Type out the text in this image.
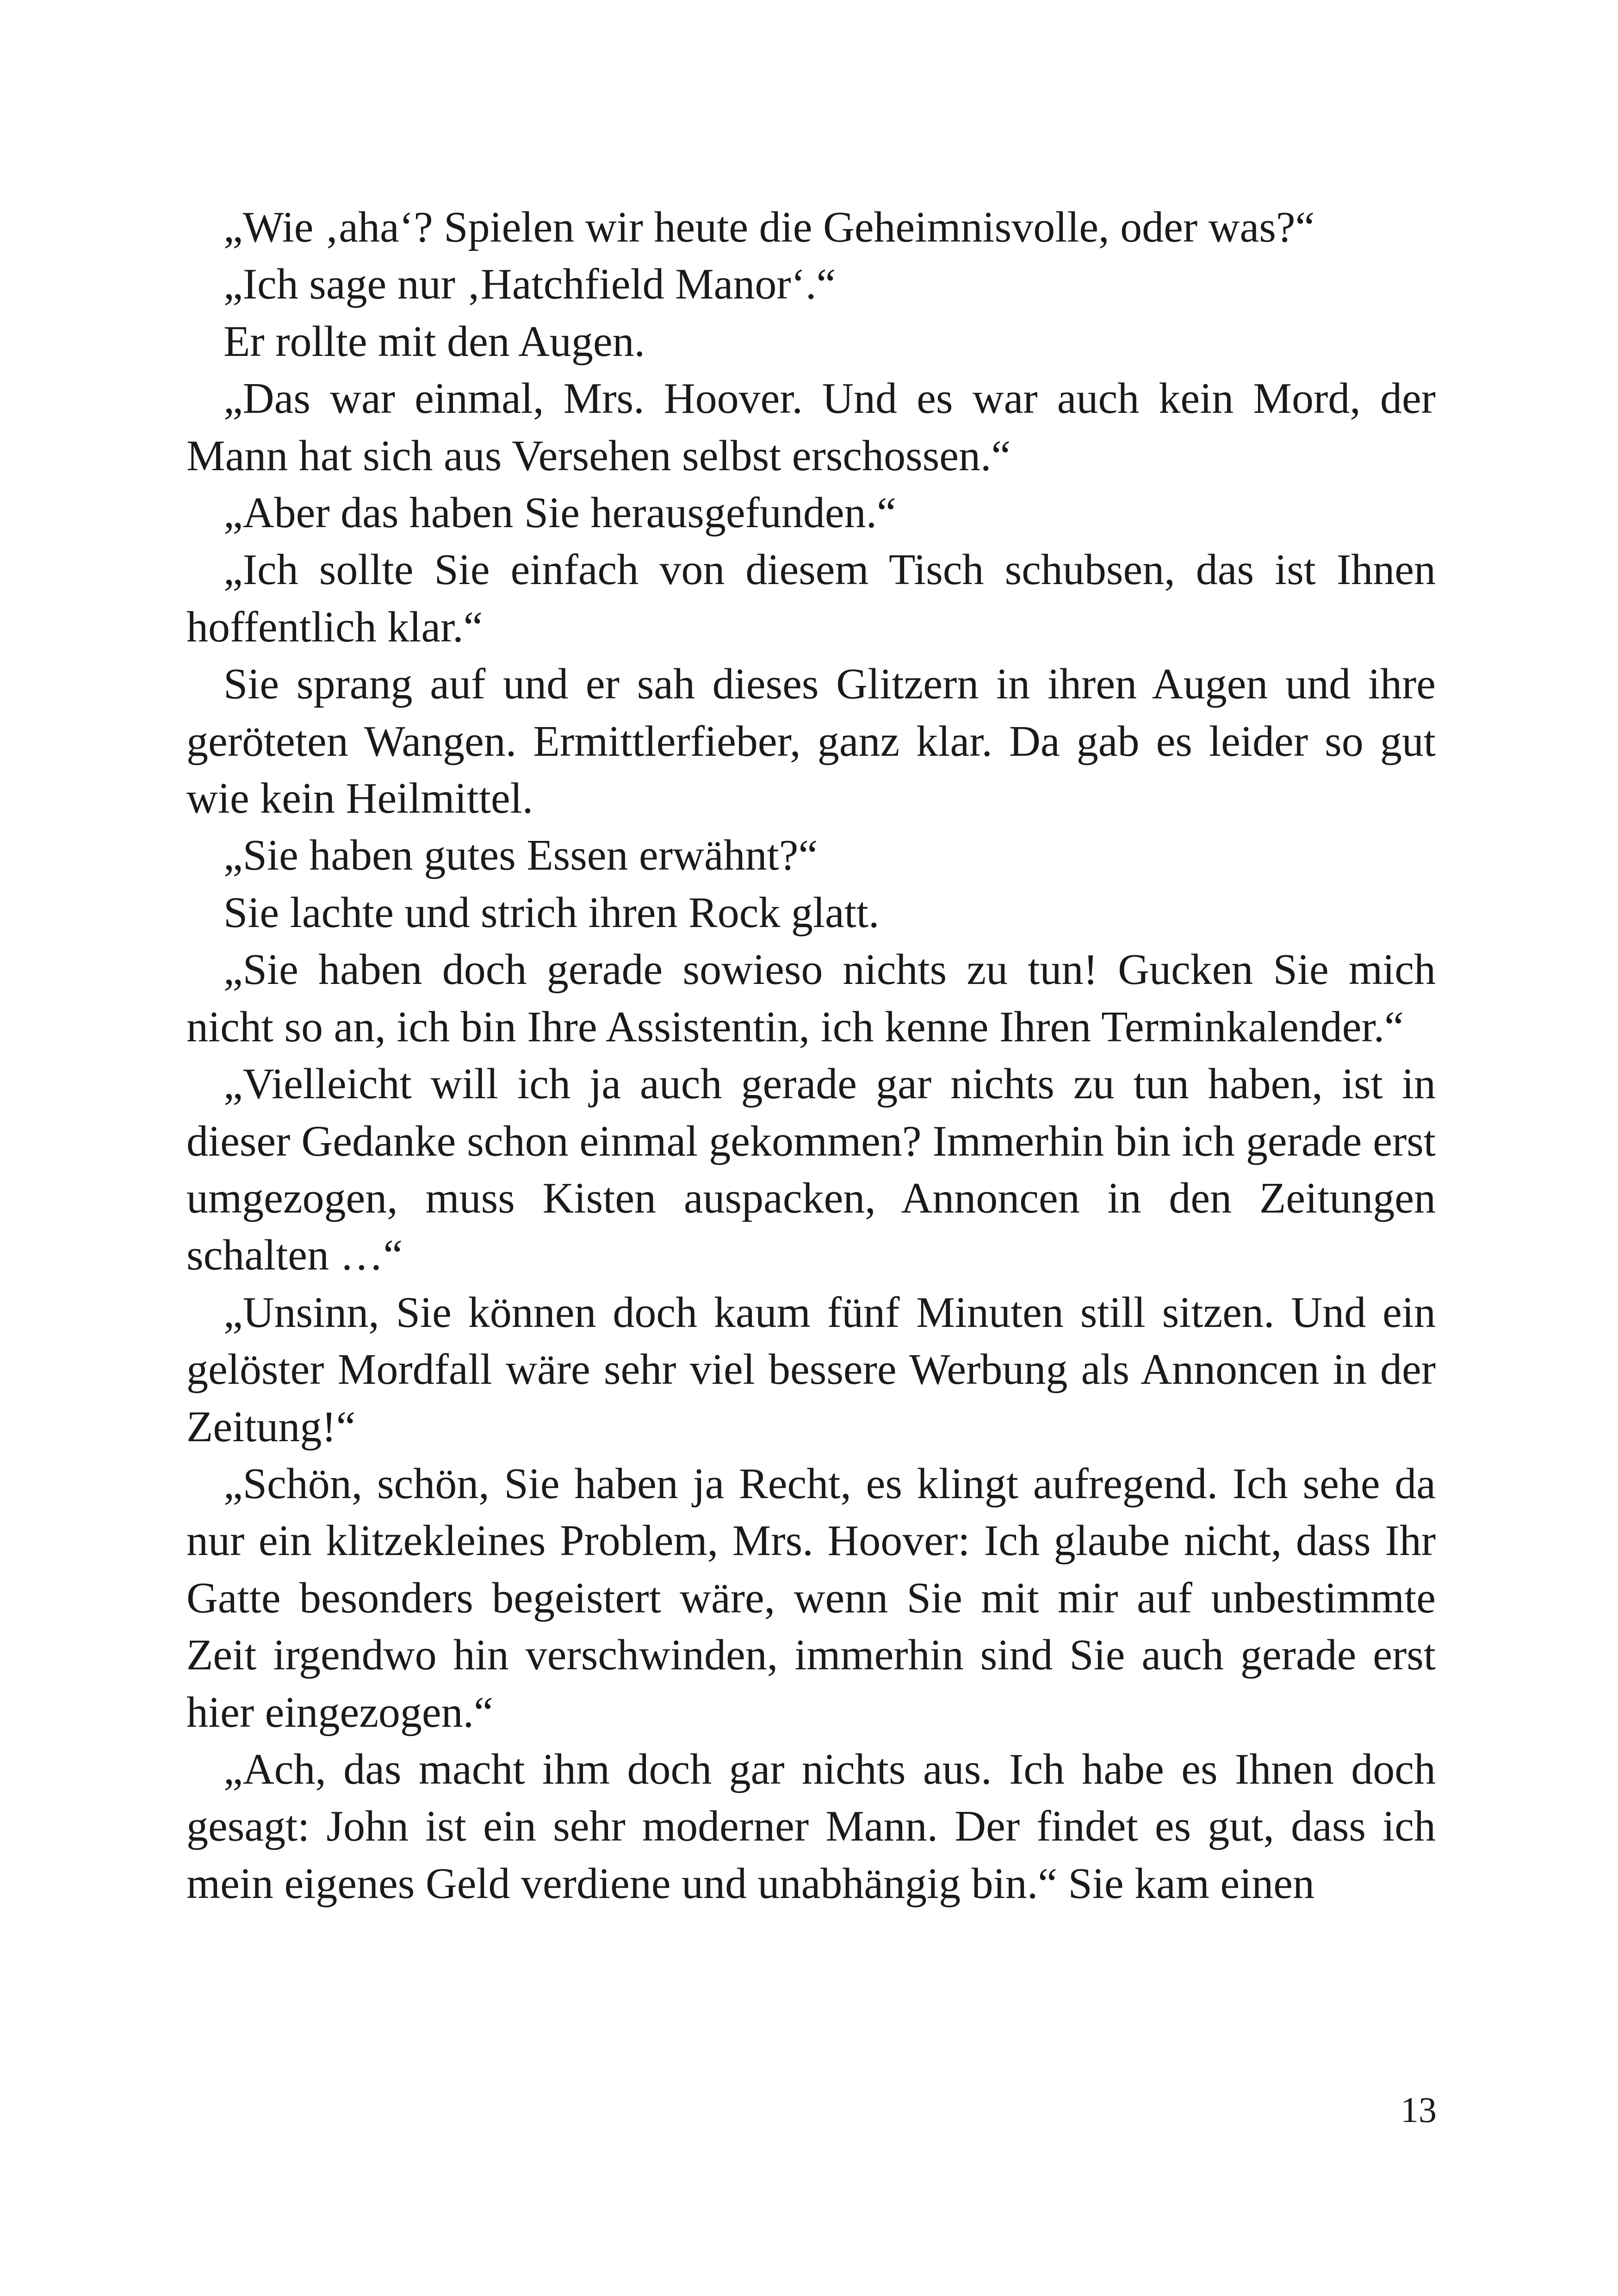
„Wie ‚aha‘? Spielen wir heute die Geheimnisvolle, oder was?“

„Ich sage nur ‚Hatchfield Manor‘.“

Er rollte mit den Augen.

„Das war einmal, Mrs. Hoover. Und es war auch kein Mord, der Mann hat sich aus Versehen selbst erschossen.“

„Aber das haben Sie herausgefunden.“

„Ich sollte Sie einfach von diesem Tisch schubsen, das ist Ihnen hoffentlich klar.“

Sie sprang auf und er sah dieses Glitzern in ihren Augen und ihre geröteten Wangen. Ermittlerfieber, ganz klar. Da gab es leider so gut wie kein Heilmittel.

„Sie haben gutes Essen erwähnt?“

Sie lachte und strich ihren Rock glatt.

„Sie haben doch gerade sowieso nichts zu tun! Gucken Sie mich nicht so an, ich bin Ihre Assistentin, ich kenne Ihren Terminkalender.“

„Vielleicht will ich ja auch gerade gar nichts zu tun haben, ist in dieser Gedanke schon einmal gekommen? Immerhin bin ich gerade erst umgezogen, muss Kisten auspacken, Annoncen in den Zeitungen schalten …“

„Unsinn, Sie können doch kaum fünf Minuten still sitzen. Und ein gelöster Mordfall wäre sehr viel bessere Werbung als Annoncen in der Zeitung!“

„Schön, schön, Sie haben ja Recht, es klingt aufregend. Ich sehe da nur ein klitzekleines Problem, Mrs. Hoover: Ich glaube nicht, dass Ihr Gatte besonders begeistert wäre, wenn Sie mit mir auf unbestimmte Zeit irgendwo hin verschwinden, immerhin sind Sie auch gerade erst hier eingezogen.“

„Ach, das macht ihm doch gar nichts aus. Ich habe es Ihnen doch gesagt: John ist ein sehr moderner Mann. Der findet es gut, dass ich mein eigenes Geld verdiene und unabhängig bin.“ Sie kam einen

13
